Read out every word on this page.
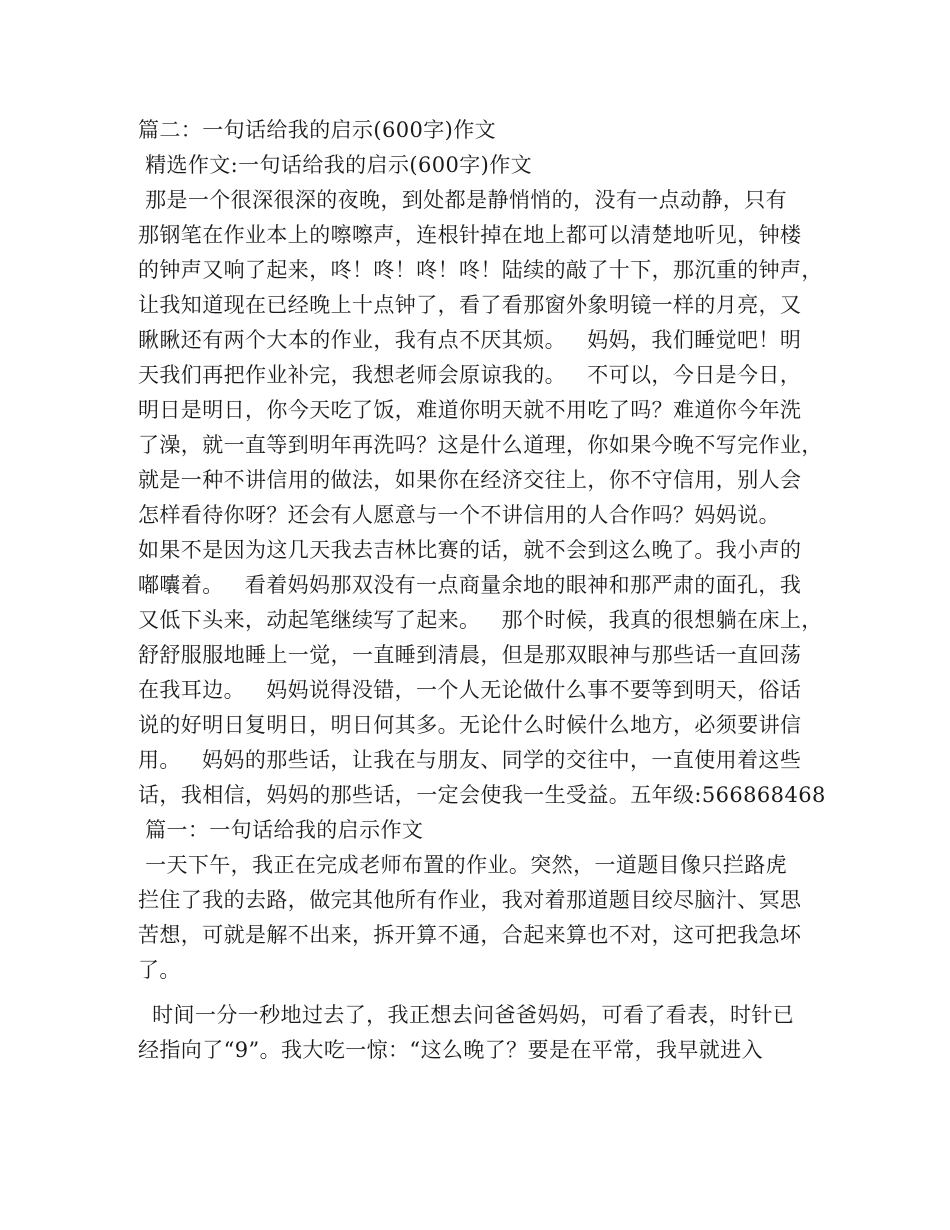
篇二：一句话给我的启示(600字)作文
精选作文:一句话给我的启示(600字)作文
那是一个很深很深的夜晚，到处都是静悄悄的，没有一点动静，只有
那钢笔在作业本上的嚓嚓声，连根针掉在地上都可以清楚地听见，钟楼
的钟声又响了起来，咚！咚！咚！咚！陆续的敲了十下，那沉重的钟声，
让我知道现在已经晚上十点钟了，看了看那窗外象明镜一样的月亮，又
瞅瞅还有两个大本的作业，我有点不厌其烦。   妈妈，我们睡觉吧！明
天我们再把作业补完，我想老师会原谅我的。   不可以，今日是今日，
明日是明日，你今天吃了饭，难道你明天就不用吃了吗？难道你今年洗
了澡，就一直等到明年再洗吗？这是什么道理，你如果今晚不写完作业，
就是一种不讲信用的做法，如果你在经济交往上，你不守信用，别人会
怎样看待你呀？还会有人愿意与一个不讲信用的人合作吗？妈妈说。
如果不是因为这几天我去吉林比赛的话，就不会到这么晚了。我小声的
嘟囔着。   看着妈妈那双没有一点商量余地的眼神和那严肃的面孔，我
又低下头来，动起笔继续写了起来。   那个时候，我真的很想躺在床上，
舒舒服服地睡上一觉，一直睡到清晨，但是那双眼神与那些话一直回荡
在我耳边。   妈妈说得没错，一个人无论做什么事不要等到明天，俗话
说的好明日复明日，明日何其多。无论什么时候什么地方，必须要讲信
用。   妈妈的那些话，让我在与朋友、同学的交往中，一直使用着这些
话，我相信，妈妈的那些话，一定会使我一生受益。五年级:566868468
篇一：一句话给我的启示作文
一天下午，我正在完成老师布置的作业。突然，一道题目像只拦路虎
拦住了我的去路，做完其他所有作业，我对着那道题目绞尽脑汁、冥思
苦想，可就是解不出来，拆开算不通，合起来算也不对，这可把我急坏
了。
时间一分一秒地过去了，我正想去问爸爸妈妈，可看了看表，时针已
经指向了“9”。我大吃一惊：“这么晚了？要是在平常，我早就进入
